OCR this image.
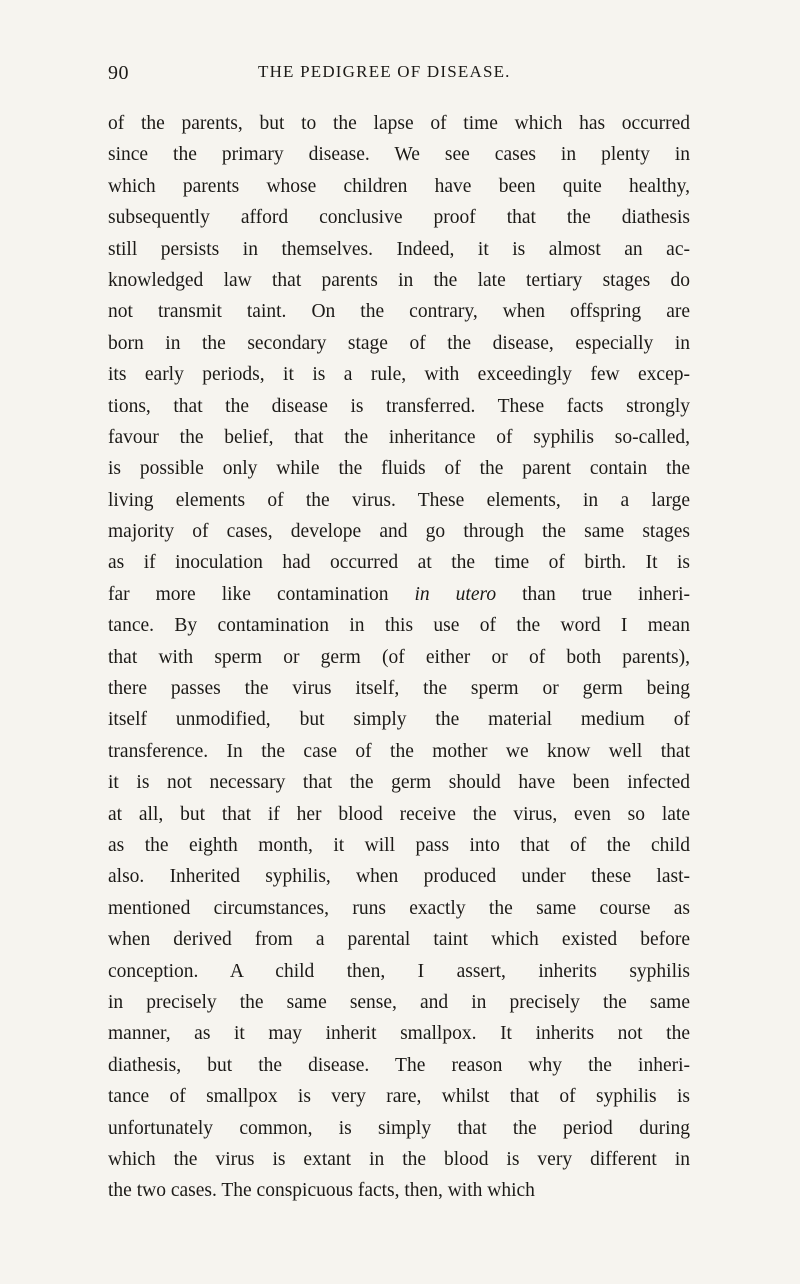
90	THE PEDIGREE OF DISEASE.
of the parents, but to the lapse of time which has occurred
since the primary disease. We see cases in plenty in
which parents whose children have been quite healthy,
subsequently afford conclusive proof that the diathesis
still persists in themselves. Indeed, it is almost an ac-
knowledged law that parents in the late tertiary stages do
not transmit taint. On the contrary, when offspring are
born in the secondary stage of the disease, especially in
its early periods, it is a rule, with exceedingly few excep-
tions, that the disease is transferred. These facts strongly
favour the belief, that the inheritance of syphilis so-called,
is possible only while the fluids of the parent contain the
living elements of the virus. These elements, in a large
majority of cases, develope and go through the same stages
as if inoculation had occurred at the time of birth. It is
far more like contamination in utero than true inheri-
tance. By contamination in this use of the word I mean
that with sperm or germ (of either or of both parents),
there passes the virus itself, the sperm or germ being
itself unmodified, but simply the material medium of
transference. In the case of the mother we know well that
it is not necessary that the germ should have been infected
at all, but that if her blood receive the virus, even so late
as the eighth month, it will pass into that of the child
also. Inherited syphilis, when produced under these last-
mentioned circumstances, runs exactly the same course as
when derived from a parental taint which existed before
conception. A child then, I assert, inherits syphilis
in precisely the same sense, and in precisely the same
manner, as it may inherit smallpox. It inherits not the
diathesis, but the disease. The reason why the inheri-
tance of smallpox is very rare, whilst that of syphilis is
unfortunately common, is simply that the period during
which the virus is extant in the blood is very different in
the two cases. The conspicuous facts, then, with which
